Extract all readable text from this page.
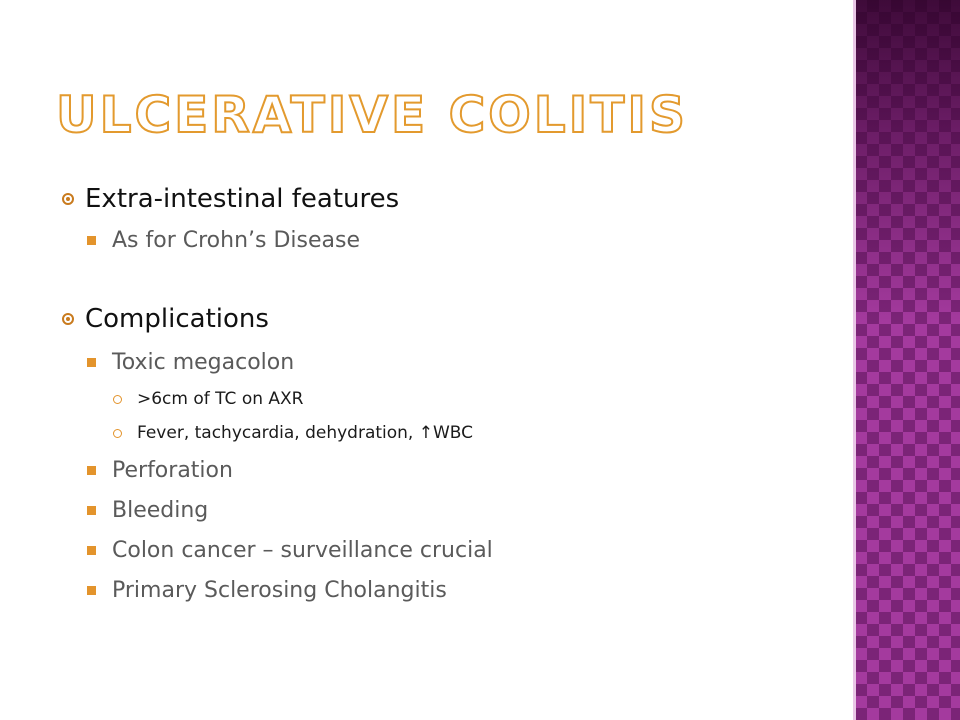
ULCERATIVE COLITIS
Extra-intestinal features
As for Crohn’s Disease
Complications
Toxic megacolon
>6cm of TC on AXR
Fever, tachycardia, dehydration, ↑WBC
Perforation
Bleeding
Colon cancer – surveillance crucial
Primary Sclerosing Cholangitis
